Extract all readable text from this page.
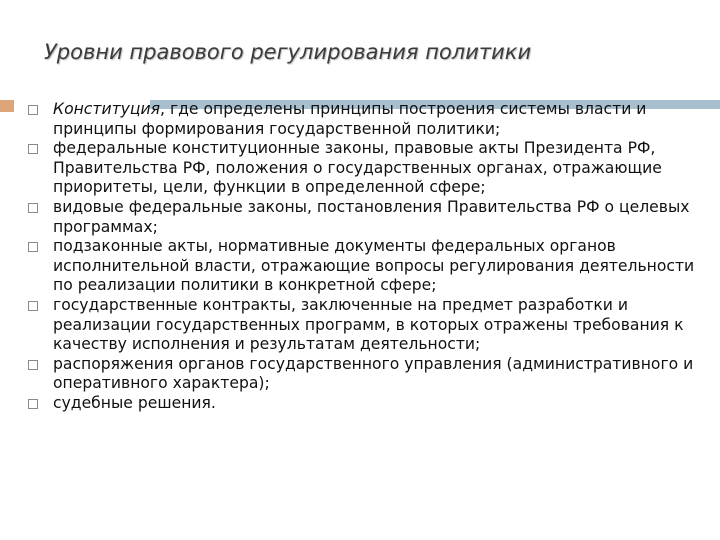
Уровни правового регулирования политики
Конституция, где определены принципы построения системы власти и принципы формирования государственной политики;
федеральные конституционные законы, правовые акты Президента РФ, Правительства РФ, положения о государственных органах, отражающие приоритеты, цели, функции в определенной сфере;
видовые федеральные законы, постановления Правительства РФ о целевых программах;
подзаконные акты, нормативные документы федеральных органов исполнительной власти, отражающие вопросы регулирования деятельности по реализации политики в конкретной сфере;
государственные контракты, заключенные на предмет разработки и реализации государственных программ, в которых отражены требования к качеству исполнения и результатам деятельности;
распоряжения органов государственного управления (административного и оперативного характера);
судебные решения.
